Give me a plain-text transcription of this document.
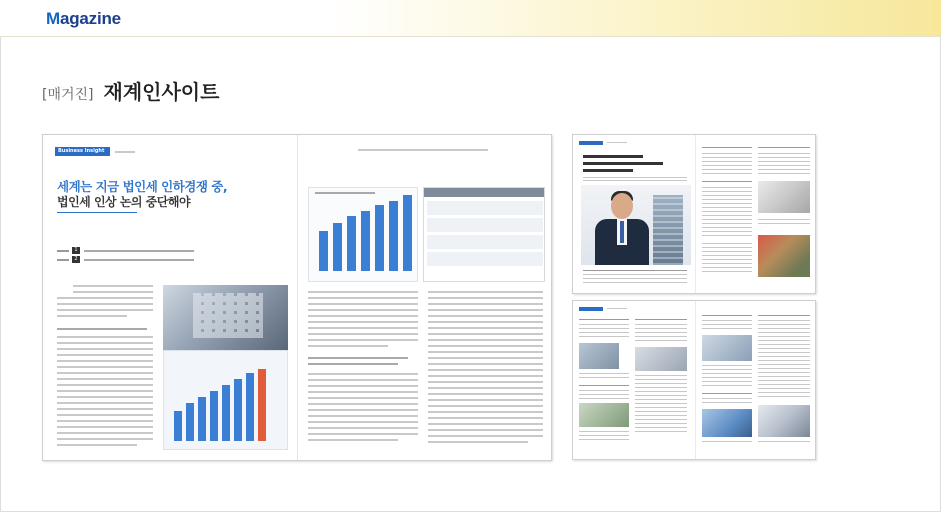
Magazine
[매거진] 재계인사이트
Business Insight
세계는 지금 법인세 인하경쟁 중,
법인세 인상 논의 중단해야
1
2
